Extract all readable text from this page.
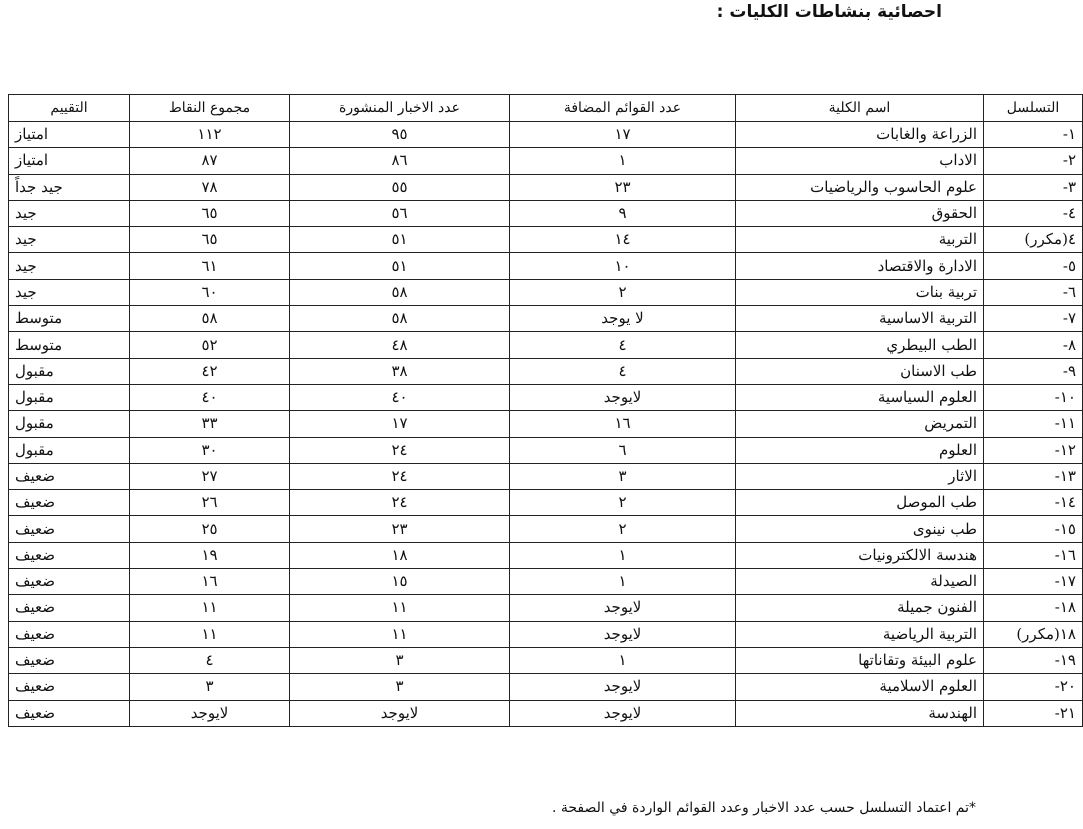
احصائية بنشاطات الكليات :
التسلسل	اسم الكلية	عدد القوائم المضافة	عدد الاخبار المنشورة	مجموع النقاط	التقييم
١-	الزراعة والغابات	١٧	٩٥	١١٢	امتياز
٢-	الاداب	١	٨٦	٨٧	امتياز
٣-	علوم الحاسوب والرياضيات	٢٣	٥٥	٧٨	جيد جداً
٤-	الحقوق	٩	٥٦	٦٥	جيد
٤(مكرر)	التربية	١٤	٥١	٦٥	جيد
٥-	الادارة والاقتصاد	١٠	٥١	٦١	جيد
٦-	تربية بنات	٢	٥٨	٦٠	جيد
٧-	التربية الاساسية	لا يوجد	٥٨	٥٨	متوسط
٨-	الطب البيطري	٤	٤٨	٥٢	متوسط
٩-	طب الاسنان	٤	٣٨	٤٢	مقبول
١٠-	العلوم السياسية	لايوجد	٤٠	٤٠	مقبول
١١-	التمريض	١٦	١٧	٣٣	مقبول
١٢-	العلوم	٦	٢٤	٣٠	مقبول
١٣-	الاثار	٣	٢٤	٢٧	ضعيف
١٤-	طب الموصل	٢	٢٤	٢٦	ضعيف
١٥-	طب نينوى	٢	٢٣	٢٥	ضعيف
١٦-	هندسة الالكترونيات	١	١٨	١٩	ضعيف
١٧-	الصيدلة	١	١٥	١٦	ضعيف
١٨-	الفنون جميلة	لايوجد	١١	١١	ضعيف
١٨(مكرر)	التربية الرياضية	لايوجد	١١	١١	ضعيف
١٩-	علوم البيئة وتقاناتها	١	٣	٤	ضعيف
٢٠-	العلوم الاسلامية	لايوجد	٣	٣	ضعيف
٢١-	الهندسة	لايوجد	لايوجد	لايوجد	ضعيف
*تم اعتماد التسلسل حسب عدد الاخبار وعدد القوائم الواردة في الصفحة .
